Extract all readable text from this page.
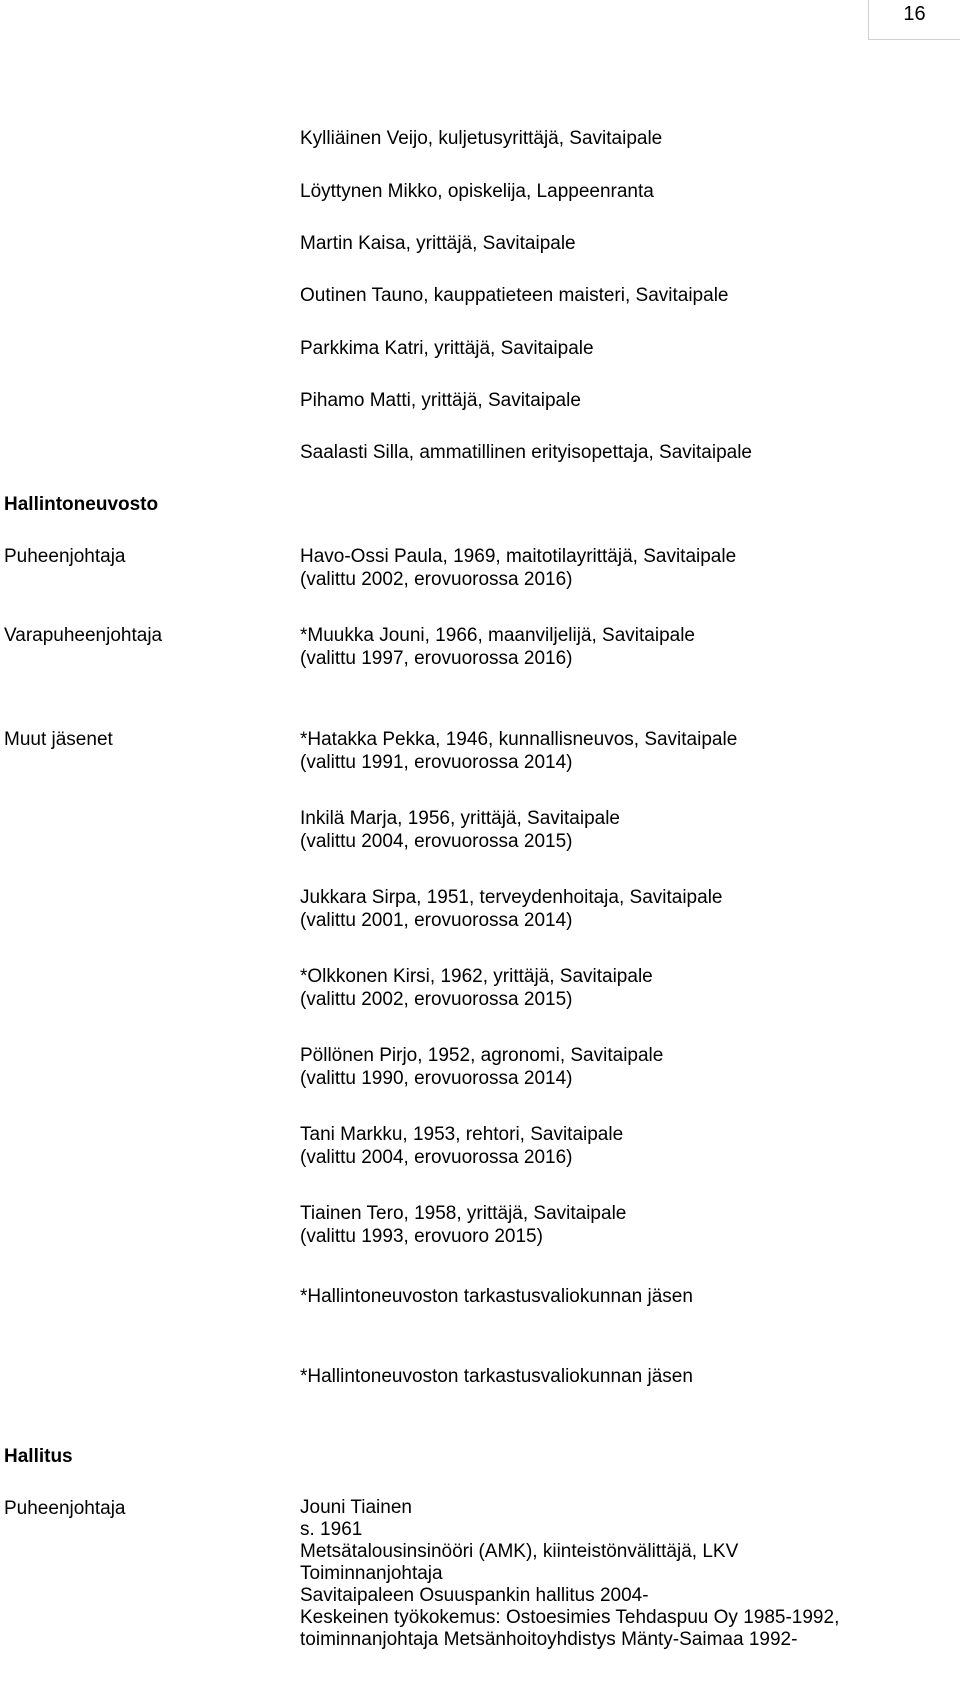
16
Kylliäinen Veijo, kuljetusyrittäjä, Savitaipale
Löyttynen Mikko, opiskelija, Lappeenranta
Martin Kaisa, yrittäjä, Savitaipale
Outinen Tauno, kauppatieteen maisteri, Savitaipale
Parkkima Katri, yrittäjä, Savitaipale
Pihamo Matti, yrittäjä, Savitaipale
Saalasti Silla, ammatillinen erityisopettaja, Savitaipale
Hallintoneuvosto
Puheenjohtaja	Havo-Ossi Paula, 1969, maitotilayrittäjä, Savitaipale
(valittu 2002, erovuorossa 2016)
Varapuheenjohtaja	*Muukka Jouni, 1966, maanviljelijä, Savitaipale
(valittu 1997, erovuorossa 2016)
Muut jäsenet	*Hatakka Pekka, 1946, kunnallisneuvos, Savitaipale
(valittu 1991, erovuorossa 2014)
Inkilä Marja, 1956, yrittäjä, Savitaipale
(valittu 2004, erovuorossa 2015)
Jukkara Sirpa, 1951, terveydenhoitaja, Savitaipale
(valittu 2001, erovuorossa 2014)
*Olkkonen Kirsi, 1962, yrittäjä, Savitaipale
(valittu 2002, erovuorossa 2015)
Pöllönen Pirjo, 1952, agronomi, Savitaipale
(valittu 1990, erovuorossa 2014)
Tani Markku, 1953, rehtori, Savitaipale
(valittu 2004, erovuorossa 2016)
Tiainen Tero, 1958, yrittäjä, Savitaipale
(valittu 1993, erovuoro 2015)
*Hallintoneuvoston tarkastusvaliokunnan jäsen
*Hallintoneuvoston tarkastusvaliokunnan jäsen
Hallitus
Puheenjohtaja	Jouni Tiainen
s. 1961
Metsätalousinsinööri (AMK), kiinteistönvälittäjä, LKV
Toiminnanjohtaja
Savitaipaleen Osuuspankin hallitus 2004-
Keskeinen työkokemus: Ostoesimies Tehdaspuu Oy 1985-1992,
toiminnanjohtaja Metsänhoitoyhdistys Mänty-Saimaa 1992-
